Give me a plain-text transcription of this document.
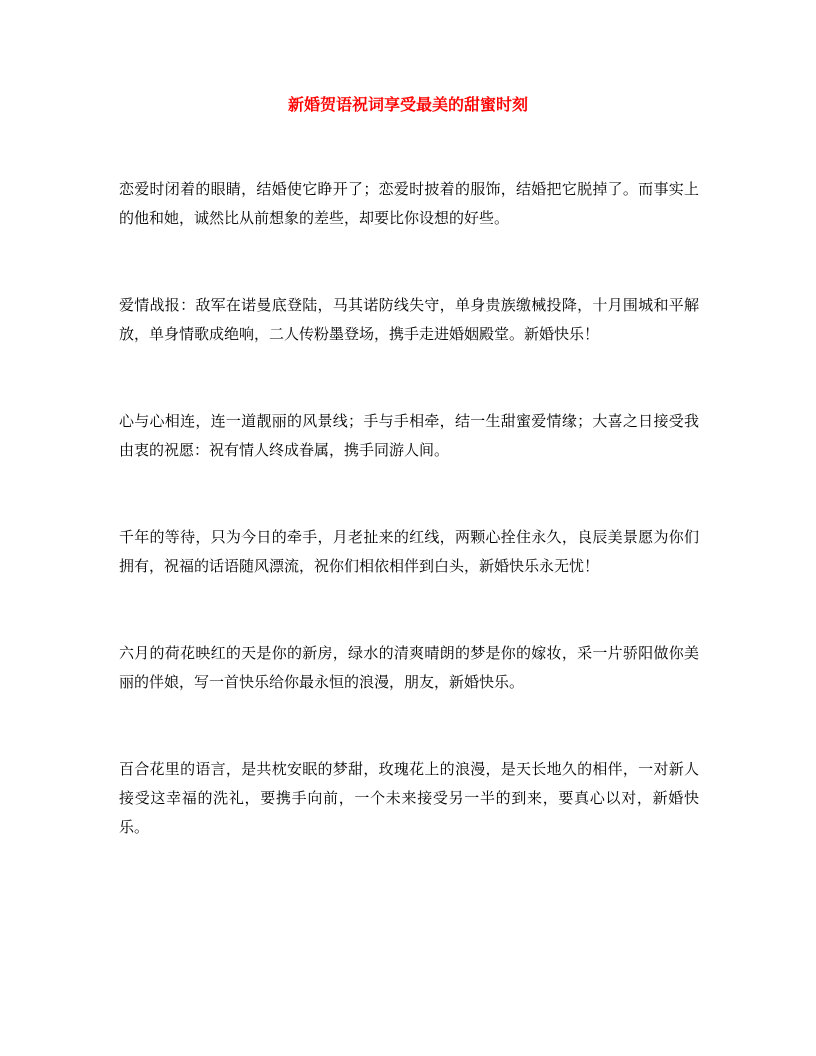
新婚贺语祝词享受最美的甜蜜时刻

恋爱时闭着的眼睛，结婚使它睁开了；恋爱时披着的服饰，结婚把它脱掉了。而事实上的他和她，诚然比从前想象的差些，却要比你设想的好些。

爱情战报：敌军在诺曼底登陆，马其诺防线失守，单身贵族缴械投降，十月围城和平解放，单身情歌成绝响，二人传粉墨登场，携手走进婚姻殿堂。新婚快乐！

心与心相连，连一道靓丽的风景线；手与手相牵，结一生甜蜜爱情缘；大喜之日接受我由衷的祝愿：祝有情人终成眷属，携手同游人间。

千年的等待，只为今日的牵手，月老扯来的红线，两颗心拴住永久，良辰美景愿为你们拥有，祝福的话语随风漂流，祝你们相依相伴到白头，新婚快乐永无忧！

六月的荷花映红的天是你的新房，绿水的清爽晴朗的梦是你的嫁妆，采一片骄阳做你美丽的伴娘，写一首快乐给你最永恒的浪漫，朋友，新婚快乐。

百合花里的语言，是共枕安眠的梦甜，玫瑰花上的浪漫，是天长地久的相伴，一对新人接受这幸福的洗礼，要携手向前，一个未来接受另一半的到来，要真心以对，新婚快乐。
